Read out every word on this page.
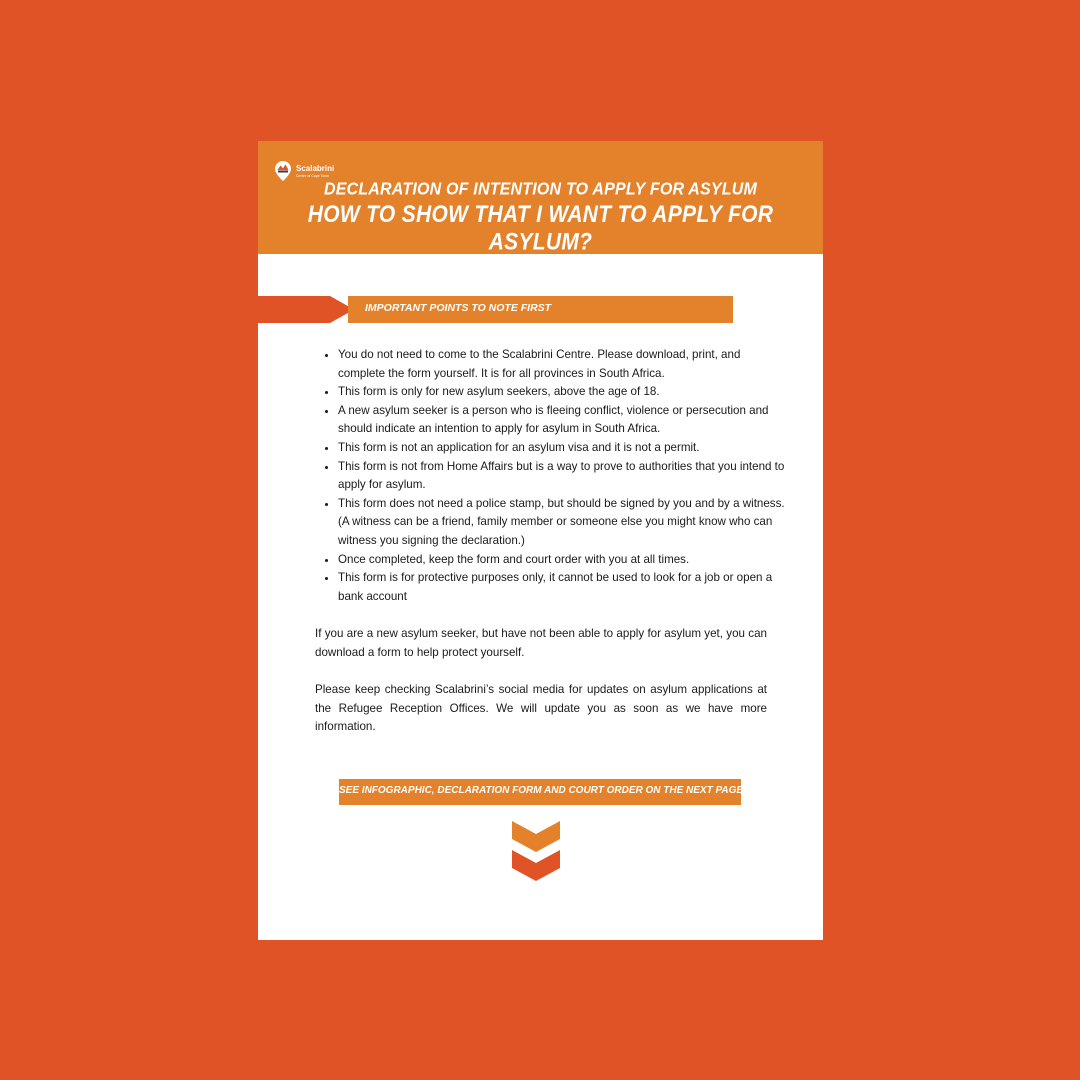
Scalabrini
Centre of Cape Town
DECLARATION OF INTENTION TO APPLY FOR ASYLUM
HOW TO SHOW THAT I WANT TO APPLY FOR ASYLUM?
IMPORTANT POINTS TO NOTE FIRST
• You do not need to come to the Scalabrini Centre. Please download, print, and complete the form yourself. It is for all provinces in South Africa.
• This form is only for new asylum seekers, above the age of 18.
• A new asylum seeker is a person who is fleeing conflict, violence or persecution and should indicate an intention to apply for asylum in South Africa.
• This form is not an application for an asylum visa and it is not a permit.
• This form is not from Home Affairs but is a way to prove to authorities that you intend to apply for asylum.
• This form does not need a police stamp, but should be signed by you and by a witness. (A witness can be a friend, family member or someone else you might know who can witness you signing the declaration.)
• Once completed, keep the form and court order with you at all times.
• This form is for protective purposes only, it cannot be used to look for a job or open a bank account

If you are a new asylum seeker, but have not been able to apply for asylum yet, you can download a form to help protect yourself.

Please keep checking Scalabrini’s social media for updates on asylum applications at the Refugee Reception Offices. We will update you as soon as we have more information.

SEE INFOGRAPHIC, DECLARATION FORM AND COURT ORDER ON THE NEXT PAGES
